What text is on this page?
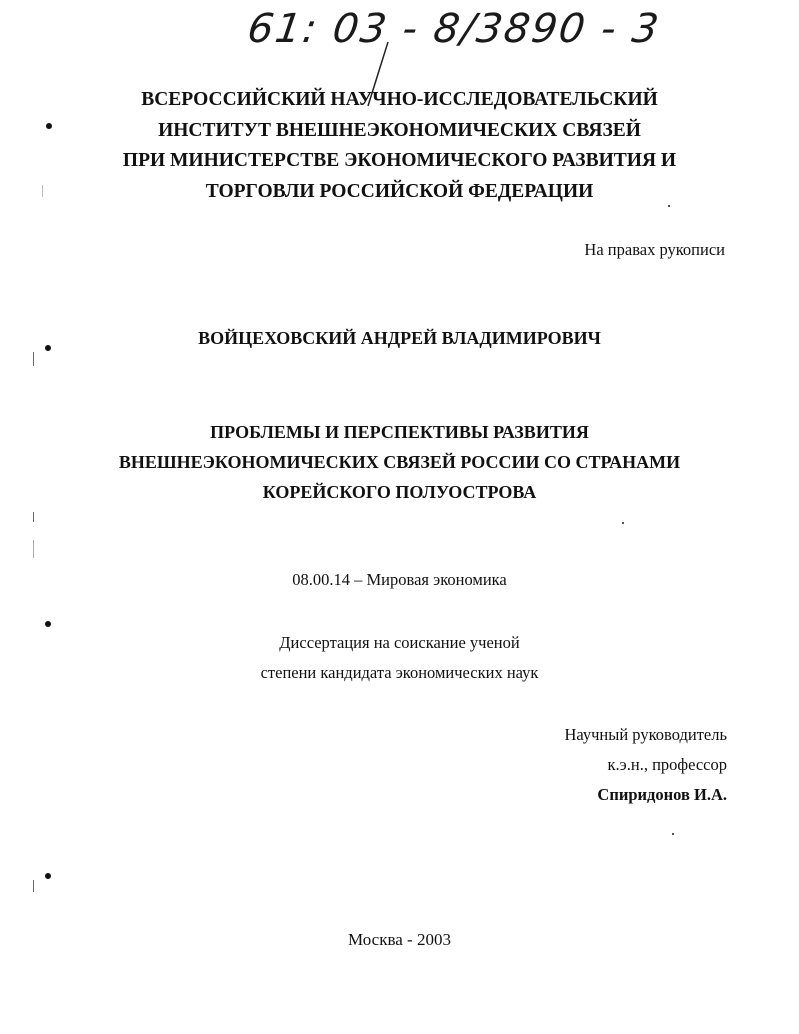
61: 03 - 8/3890 - 3
ВСЕРОССИЙСКИЙ НАУЧНО-ИССЛЕДОВАТЕЛЬСКИЙ
ИНСТИТУТ ВНЕШНЕЭКОНОМИЧЕСКИХ СВЯЗЕЙ
ПРИ МИНИСТЕРСТВЕ ЭКОНОМИЧЕСКОГО РАЗВИТИЯ И
ТОРГОВЛИ РОССИЙСКОЙ ФЕДЕРАЦИИ
На правах рукописи
ВОЙЦЕХОВСКИЙ АНДРЕЙ ВЛАДИМИРОВИЧ
ПРОБЛЕМЫ И ПЕРСПЕКТИВЫ РАЗВИТИЯ
ВНЕШНЕЭКОНОМИЧЕСКИХ СВЯЗЕЙ РОССИИ СО СТРАНАМИ
КОРЕЙСКОГО ПОЛУОСТРОВА
08.00.14 – Мировая экономика
Диссертация на соискание ученой
степени кандидата экономических наук
Научный руководитель
к.э.н., профессор
Спиридонов И.А.
Москва - 2003
